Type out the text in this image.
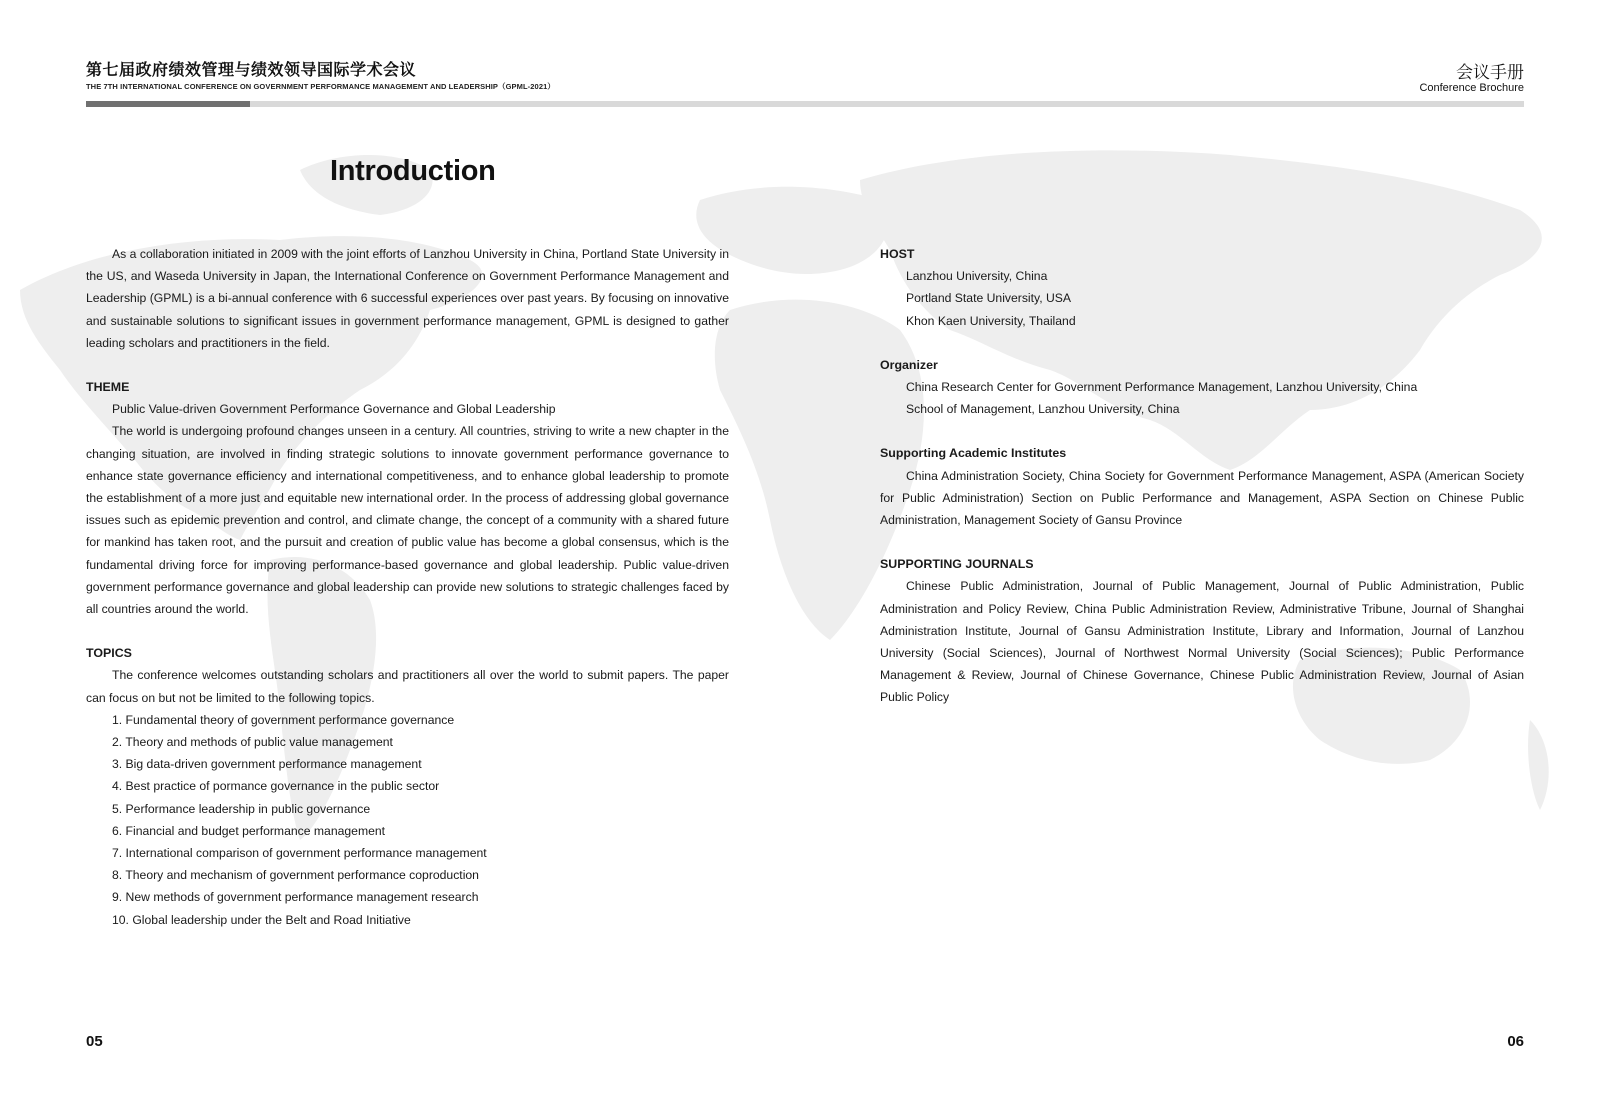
第七届政府绩效管理与绩效领导国际学术会议
THE 7TH INTERNATIONAL CONFERENCE ON GOVERNMENT PERFORMANCE MANAGEMENT AND LEADERSHIP（GPML-2021）
会议手册
Conference Brochure
Introduction

As a collaboration initiated in 2009 with the joint efforts of Lanzhou University in China, Portland State University in the US, and Waseda University in Japan, the International Conference on Government Performance Management and Leadership (GPML) is a bi-annual conference with 6 successful experiences over past years. By focusing on innovative and sustainable solutions to significant issues in government performance management, GPML is designed to gather leading scholars and practitioners in the field.

THEME

Public Value-driven Government Performance Governance and Global Leadership

The world is undergoing profound changes unseen in a century. All countries, striving to write a new chapter in the changing situation, are involved in finding strategic solutions to innovate government performance governance to enhance state governance efficiency and international competitiveness, and to enhance global leadership to promote the establishment of a more just and equitable new international order. In the process of addressing global governance issues such as epidemic prevention and control, and climate change, the concept of a community with a shared future for mankind has taken root, and the pursuit and creation of public value has become a global consensus, which is the fundamental driving force for improving performance-based governance and global leadership. Public value-driven government performance governance and global leadership can provide new solutions to strategic challenges faced by all countries around the world.

TOPICS

The conference welcomes outstanding scholars and practitioners all over the world to submit papers. The paper can focus on but not be limited to the following topics.

1. Fundamental theory of government performance governance
2. Theory and methods of public value management
3. Big data-driven government performance management
4. Best practice of pormance governance in the public sector
5. Performance leadership in public governance
6. Financial and budget performance management
7. International comparison of government performance management
8. Theory and mechanism of government performance coproduction
9. New methods of government performance management research
10. Global leadership under the Belt and Road Initiative

HOST

Lanzhou University, China

Portland State University, USA

Khon Kaen University, Thailand

Organizer

China Research Center for Government Performance Management, Lanzhou University, China

School of Management, Lanzhou University, China

Supporting Academic Institutes

China Administration Society, China Society for Government Performance Management, ASPA (American Society for Public Administration) Section on Public Performance and Management, ASPA Section on Chinese Public Administration, Management Society of Gansu Province

SUPPORTING JOURNALS

Chinese Public Administration, Journal of Public Management, Journal of Public Administration, Public Administration and Policy Review, China Public Administration Review, Administrative Tribune, Journal of Shanghai Administration Institute, Journal of Gansu Administration Institute, Library and Information, Journal of Lanzhou University (Social Sciences), Journal of Northwest Normal University (Social Sciences); Public Performance Management & Review, Journal of Chinese Governance, Chinese Public Administration Review, Journal of Asian Public Policy

05	06
